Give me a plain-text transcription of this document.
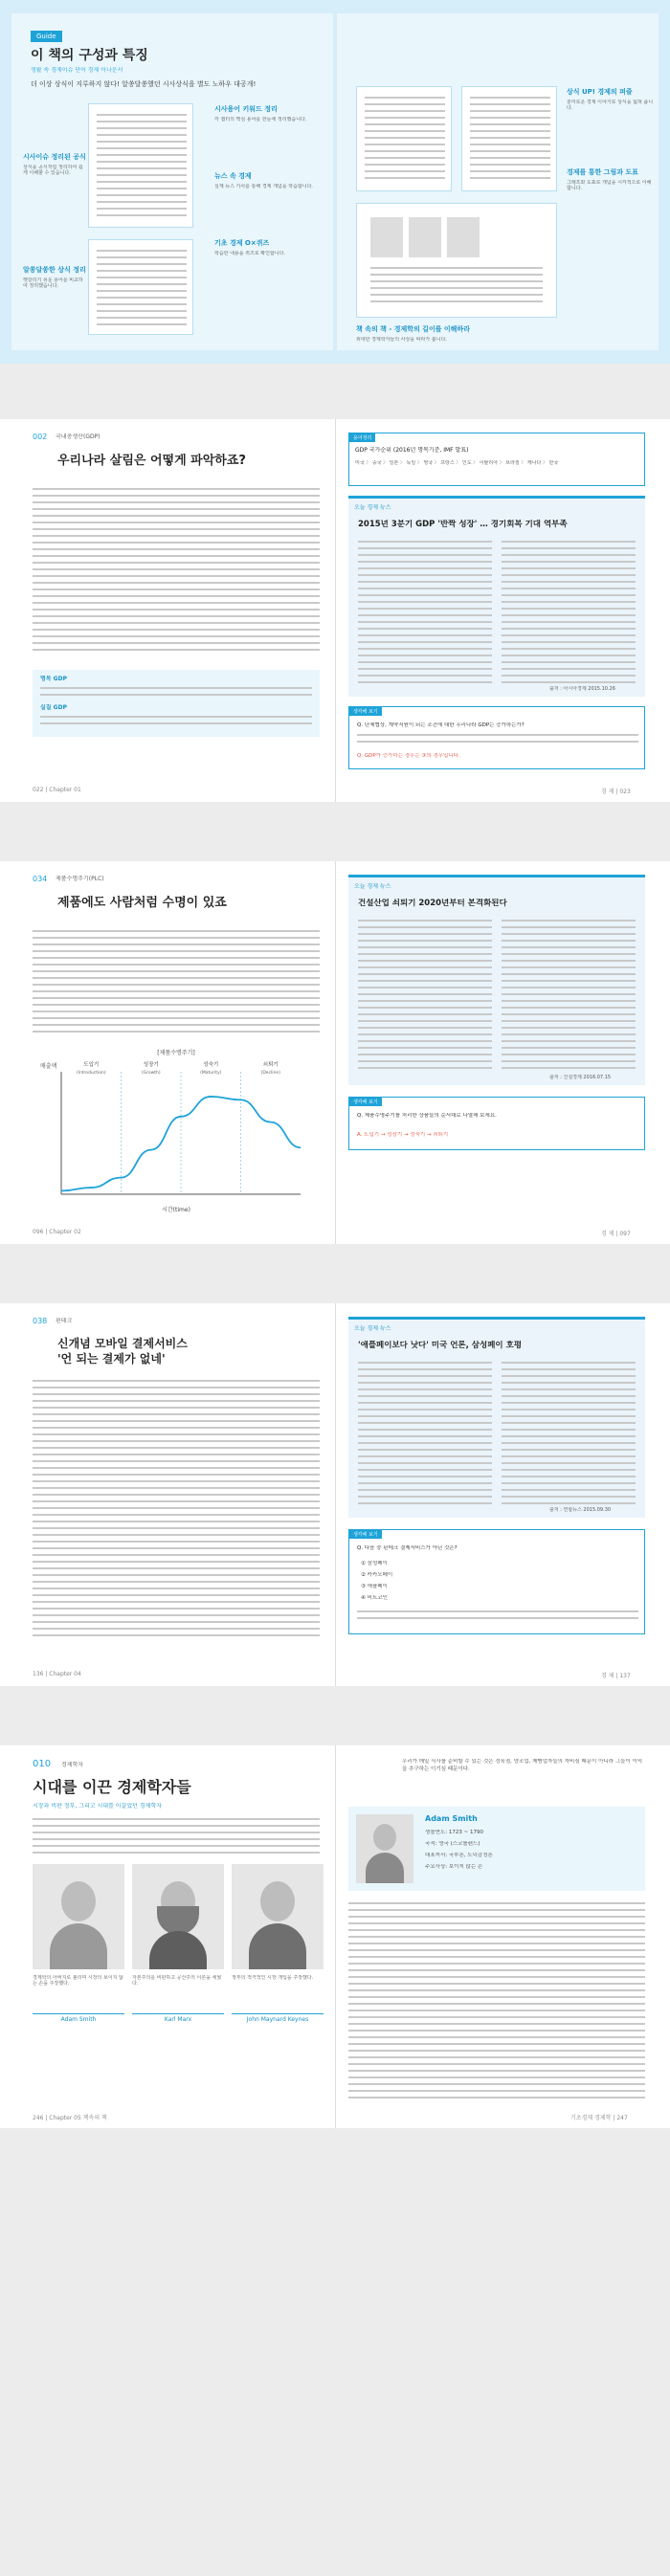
Guide
이 책의 구성과 특징
생활 속 경제이슈 단어 경제 아나운서
더 이상 상식이 지루하지 않다! 알쏭달쏭했던 시사상식을 별도 노하우 대공개!
시사용어 키워드 정리
각 챕터의 핵심 용어를 한눈에 정리했습니다.
시사이슈 정리된 공식
상식을 공식처럼 정리하여 쉽게 이해할 수 있습니다.	뉴스 속 경제
실제 뉴스 기사를 통해 경제 개념을 학습합니다.
기초 경제 O×퀴즈
학습한 내용을 퀴즈로 확인합니다.
알쏭달쏭한 상식 정리
헷갈리기 쉬운 용어를 비교하여 정리했습니다.
상식 UP! 경제의 퍼즐
흥미로운 경제 이야기로 상식을 넓혀 줍니다.
경제를 통한 그림과 도표
그래프와 도표로 개념을 시각적으로 이해합니다.
책 속의 책 - 경제학의 길이를 이해하라
위대한 경제학자들의 사상을 따라가 봅니다.
002 국내총생산(GDP)
우리나라 살림은 어떻게 파악하죠?
명목 GDP
실질 GDP
용어정리
GDP 국가순위 (2016년 명목기준, IMF 발표)
미국 〉 중국 〉 일본 〉 독일 〉 영국 〉 프랑스 〉 인도 〉 이탈리아 〉 브라질 〉 캐나다 〉 한국
오늘 경제 뉴스
2015년 3분기 GDP '반짝 성장' … 경기회복 기대 역부족
출처 : 아시아경제 2015.10.26
생각해 보기
Q. 단체협상, 계약직원이 되는 조건에 대한 우리나라 GDP는 증가하는가?
Q. GDP가 증가하는 경우는 ③의 경우입니다.
022 | Chapter 01	경 제 | 023
034 제품수명주기(PLC)
제품에도 사람처럼 수명이 있죠
[제품수명주기]
매출액
시간(time)
도입기
(Introduction)
성장기
(Growth)
성숙기
(Maturity)
쇠퇴기
(Decline)
오늘 경제 뉴스
건설산업 쇠퇴기 2020년부터 본격화된다
출처 : 건설경제 2016.07.15
생각해 보기
Q. 제품수명주기를 처리한 상품들의 순서대로 나열해 보세요.
A. 도입기 → 성장기 → 성숙기 → 쇠퇴기
096 | Chapter 02	경 제 | 097
038 핀테크
신개념 모바일 결제서비스
'언 되는 결제가 없네'
오늘 경제 뉴스
'애플페이보다 낫다' 미국 언론, 삼성페이 호평
출처 : 연합뉴스 2015.09.30
생각해 보기
Q. 다음 중 핀테크 결제서비스가 아닌 것은?
① 삼성페이
② 카카오페이
③ 애플페이
④ 비트코인
136 | Chapter 04	경 제 | 137
010 경제학자
시대를 이끈 경제학자들
시장과 비판 정부, 그리고 시대를 이끌었던 경제학자
경제학의 아버지로 불리며 시장의 보이지 않는 손을 주장했다.
Adam Smith
자본주의를 비판하고 공산주의 이론을 세웠다.
Karl Marx
정부의 적극적인 시장 개입을 주장했다.
John Maynard Keynes
우리가 매일 식사를 준비할 수 있는 것은 정육점, 양조업, 제빵업자들의 자비심 때문이 아니라 그들이 이익을 추구하는 이기심 때문이다.
Adam Smith
생몰연도: 1723 ~ 1790
국적: 영국 (스코틀랜드)
대표저서: 국부론, 도덕감정론
주요사상: 보이지 않는 손
246 | Chapter 05 책속의 책	기초경제 경제학 | 247
